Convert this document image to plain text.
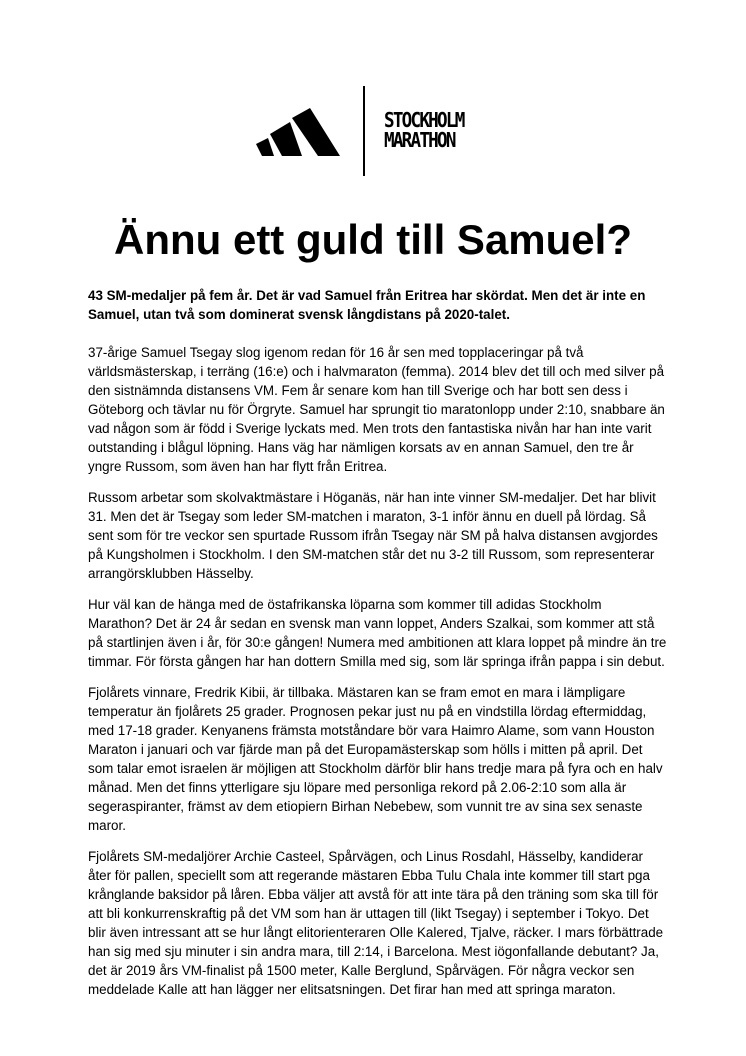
STOCKHOLM
MARATHON
Ännu ett guld till Samuel?

43 SM-medaljer på fem år. Det är vad Samuel från Eritrea har skördat. Men det är inte en Samuel, utan två som dominerat svensk långdistans på 2020-talet.

37-årige Samuel Tsegay slog igenom redan för 16 år sen med topplaceringar på två världsmästerskap, i terräng (16:e) och i halvmaraton (femma). 2014 blev det till och med silver på den sistnämnda distansens VM. Fem år senare kom han till Sverige och har bott sen dess i Göteborg och tävlar nu för Örgryte. Samuel har sprungit tio maratonlopp under 2:10, snabbare än vad någon som är född i Sverige lyckats med. Men trots den fantastiska nivån har han inte varit outstanding i blågul löpning. Hans väg har nämligen korsats av en annan Samuel, den tre år yngre Russom, som även han har flytt från Eritrea.

Russom arbetar som skolvaktmästare i Höganäs, när han inte vinner SM-medaljer. Det har blivit 31. Men det är Tsegay som leder SM-matchen i maraton, 3-1 inför ännu en duell på lördag. Så sent som för tre veckor sen spurtade Russom ifrån Tsegay när SM på halva distansen avgjordes på Kungsholmen i Stockholm. I den SM-matchen står det nu 3-2 till Russom, som representerar arrangörsklubben Hässelby.

Hur väl kan de hänga med de östafrikanska löparna som kommer till adidas Stockholm Marathon? Det är 24 år sedan en svensk man vann loppet, Anders Szalkai, som kommer att stå på startlinjen även i år, för 30:e gången! Numera med ambitionen att klara loppet på mindre än tre timmar. För första gången har han dottern Smilla med sig, som lär springa ifrån pappa i sin debut.

Fjolårets vinnare, Fredrik Kibii, är tillbaka. Mästaren kan se fram emot en mara i lämpligare temperatur än fjolårets 25 grader. Prognosen pekar just nu på en vindstilla lördag eftermiddag, med 17-18 grader. Kenyanens främsta motståndare bör vara Haimro Alame, som vann Houston Maraton i januari och var fjärde man på det Europamästerskap som hölls i mitten på april. Det som talar emot israelen är möjligen att Stockholm därför blir hans tredje mara på fyra och en halv månad. Men det finns ytterligare sju löpare med personliga rekord på 2.06-2:10 som alla är segeraspiranter, främst av dem etiopiern Birhan Nebebew, som vunnit tre av sina sex senaste maror.

Fjolårets SM-medaljörer Archie Casteel, Spårvägen, och Linus Rosdahl, Hässelby, kandiderar åter för pallen, speciellt som att regerande mästaren Ebba Tulu Chala inte kommer till start pga krånglande baksidor på låren. Ebba väljer att avstå för att inte tära på den träning som ska till för att bli konkurrenskraftig på det VM som han är uttagen till (likt Tsegay) i september i Tokyo. Det blir även intressant att se hur långt elitorienteraren Olle Kalered, Tjalve, räcker. I mars förbättrade han sig med sju minuter i sin andra mara, till 2:14, i Barcelona. Mest iögonfallande debutant? Ja, det är 2019 års VM-finalist på 1500 meter, Kalle Berglund, Spårvägen. För några veckor sen meddelade Kalle att han lägger ner elitsatsningen. Det firar han med att springa maraton.
